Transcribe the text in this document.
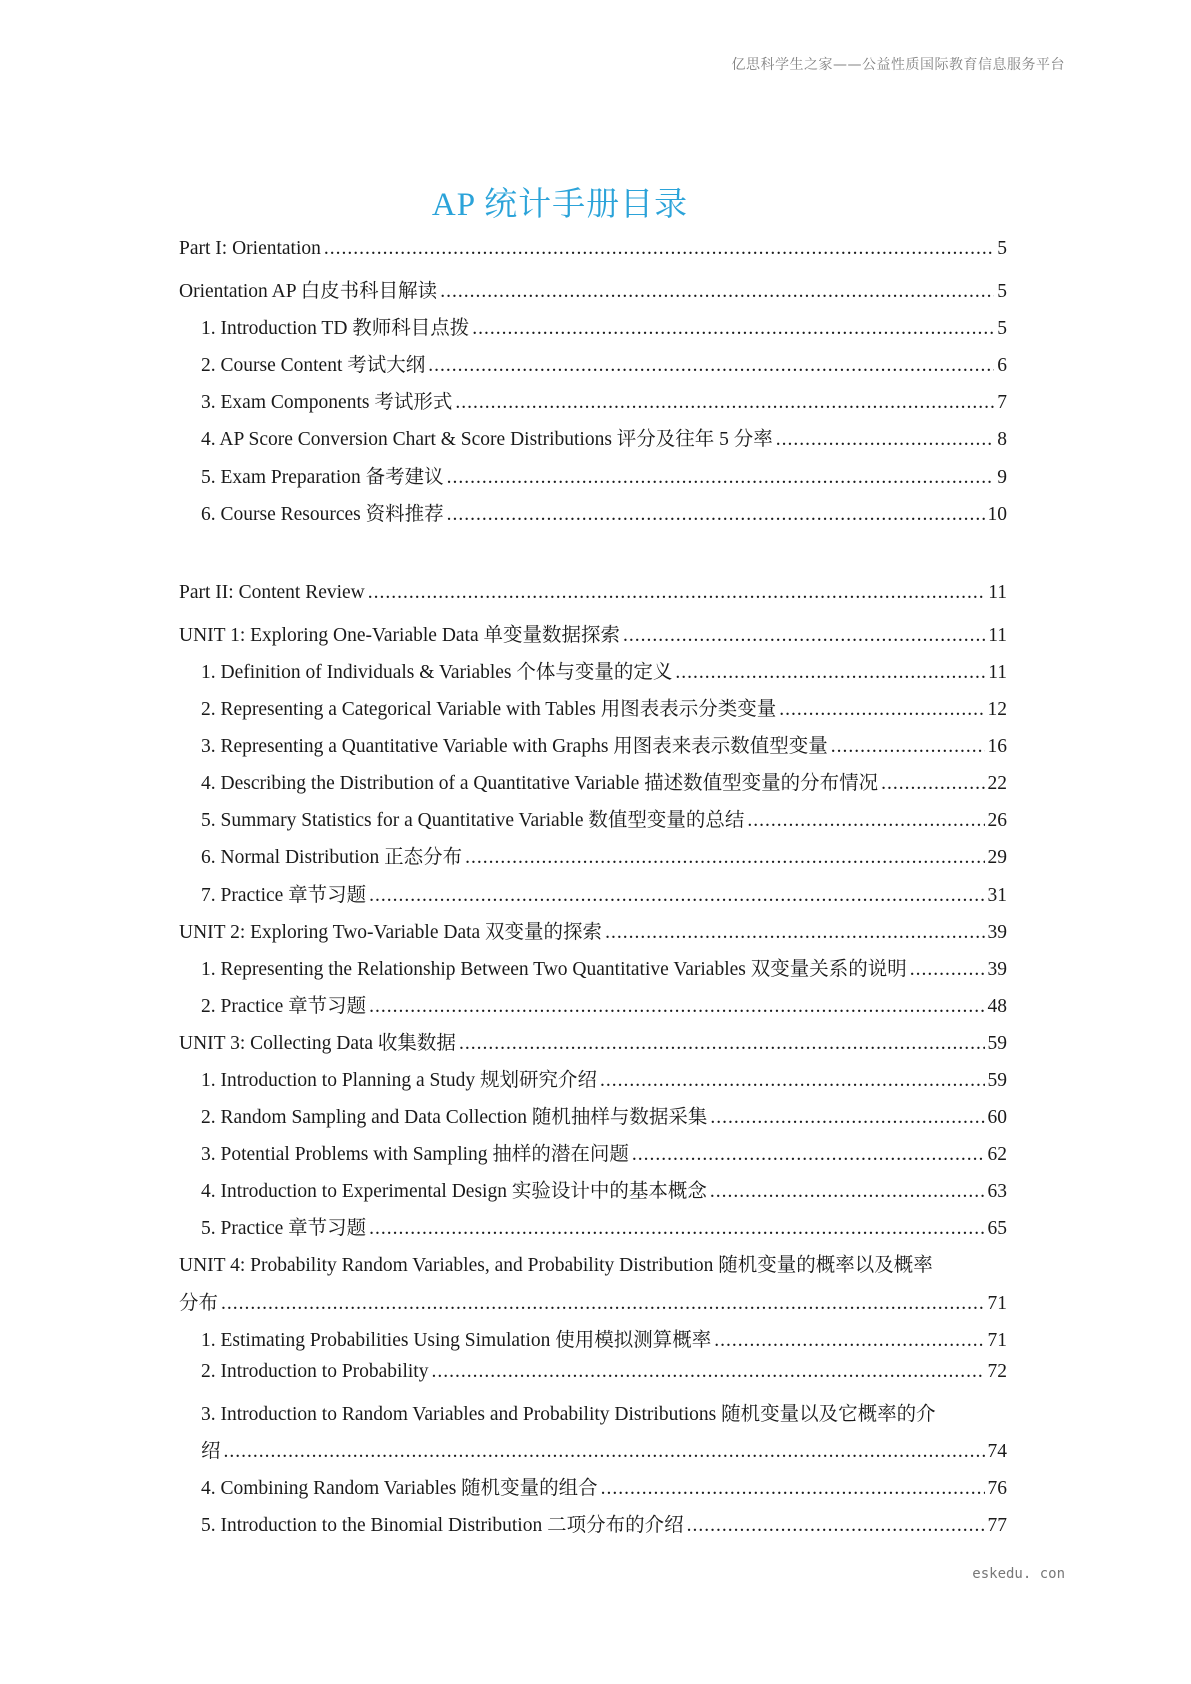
亿思科学生之家——公益性质国际教育信息服务平台
AP 统计手册目录
Part I: Orientation .....	5
Orientation AP 白皮书科目解读 .....	5
1. Introduction TD 教师科目点拨 .....	5
2. Course Content 考试大纲 .....	6
3. Exam Components 考试形式 .....	7
4. AP Score Conversion Chart & Score Distributions 评分及往年 5 分率 .....	8
5. Exam Preparation 备考建议 .....	9
6. Course Resources 资料推荐 .....	10
Part II: Content Review .....	11
UNIT 1: Exploring One-Variable Data 单变量数据探索 .....	11
1. Definition of Individuals & Variables 个体与变量的定义 .....	11
2. Representing a Categorical Variable with Tables 用图表表示分类变量 .....	12
3. Representing a Quantitative Variable with Graphs 用图表来表示数值型变量 .....	16
4. Describing the Distribution of a Quantitative Variable 描述数值型变量的分布情况 .....	22
5. Summary Statistics for a Quantitative Variable 数值型变量的总结 .....	26
6. Normal Distribution 正态分布 .....	29
7. Practice 章节习题 .....	31
UNIT 2: Exploring Two-Variable Data 双变量的探索 .....	39
1. Representing the Relationship Between Two Quantitative Variables 双变量关系的说明 .....	39
2. Practice 章节习题 .....	48
UNIT 3: Collecting Data 收集数据 .....	59
1. Introduction to Planning a Study 规划研究介绍 .....	59
2. Random Sampling and Data Collection 随机抽样与数据采集 .....	60
3. Potential Problems with Sampling 抽样的潜在问题 .....	62
4. Introduction to Experimental Design 实验设计中的基本概念 .....	63
5. Practice 章节习题 .....	65
UNIT 4: Probability Random Variables, and Probability Distribution 随机变量的概率以及概率
分布 .....	71
1. Estimating Probabilities Using Simulation 使用模拟测算概率 .....	71
2. Introduction to Probability .....	72
3. Introduction to Random Variables and Probability Distributions 随机变量以及它概率的介
绍 .....	74
4. Combining Random Variables 随机变量的组合 .....	76
5. Introduction to the Binomial Distribution 二项分布的介绍 .....	77
eskedu. con
